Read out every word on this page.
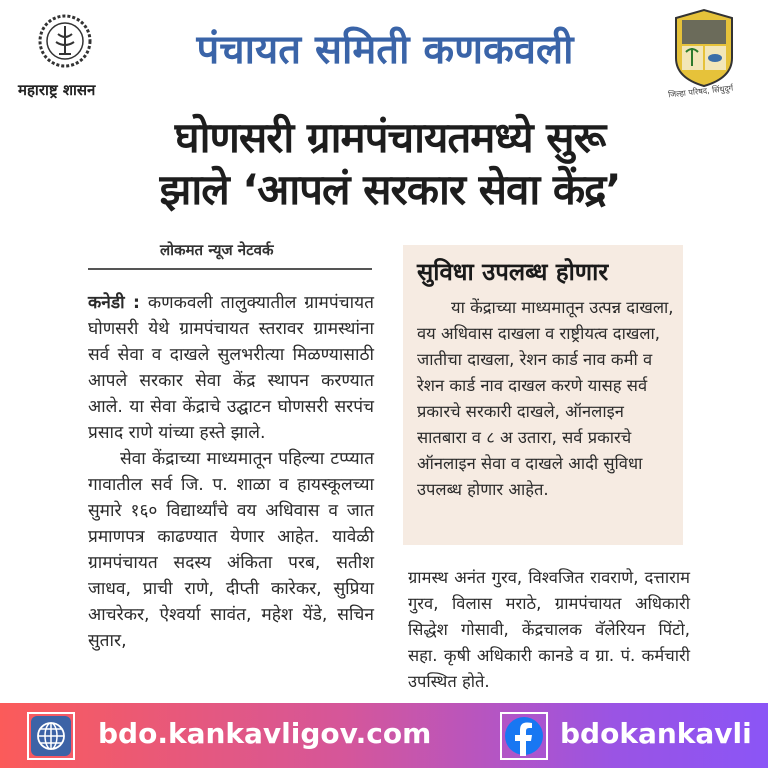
महाराष्ट्र शासन
पंचायत समिती कणकवली
जिल्हा परिषद, सिंधुदुर्ग
घोणसरी ग्रामपंचायतमध्ये सुरू
झाले ‘आपलं सरकार सेवा केंद्र’
लोकमत न्यूज नेटवर्क

कनेडी : कणकवली तालुक्यातील ग्रामपंचायत घोणसरी येथे ग्रामपंचायत स्तरावर ग्रामस्थांना सर्व सेवा व दाखले सुलभरीत्या मिळण्यासाठी आपले सरकार सेवा केंद्र स्थापन करण्यात आले. या सेवा केंद्राचे उद्घाटन घोणसरी सरपंच प्रसाद राणे यांच्या हस्ते झाले.

सेवा केंद्राच्या माध्यमातून पहिल्या टप्प्यात गावातील सर्व जि. प. शाळा व हायस्कूलच्या सुमारे १६० विद्यार्थ्यांचे वय अधिवास व जात प्रमाणपत्र काढण्यात येणार आहेत. यावेळी ग्रामपंचायत सदस्य अंकिता परब, सतीश जाधव, प्राची राणे, दीप्ती कारेकर, सुप्रिया आचरेकर, ऐश्वर्या सावंत, महेश येंडे, सचिन सुतार,

सुविधा उपलब्ध होणार
या केंद्राच्या माध्यमातून उत्पन्न दाखला, वय अधिवास दाखला व राष्ट्रीयत्व दाखला, जातीचा दाखला, रेशन कार्ड नाव कमी व रेशन कार्ड नाव दाखल करणे यासह सर्व प्रकारचे सरकारी दाखले, ऑनलाइन सातबारा व ८ अ उतारा, सर्व प्रकारचे ऑनलाइन सेवा व दाखले आदी सुविधा उपलब्ध होणार आहेत.
ग्रामस्थ अनंत गुरव, विश्वजित रावराणे, दत्ताराम गुरव, विलास मराठे, ग्रामपंचायत अधिकारी सिद्धेश गोसावी, केंद्रचालक वॅलेरियन पिंटो, सहा. कृषी अधिकारी कानडे व ग्रा. पं. कर्मचारी उपस्थित होते.
bdo.kankavligov.com	bdokankavli
